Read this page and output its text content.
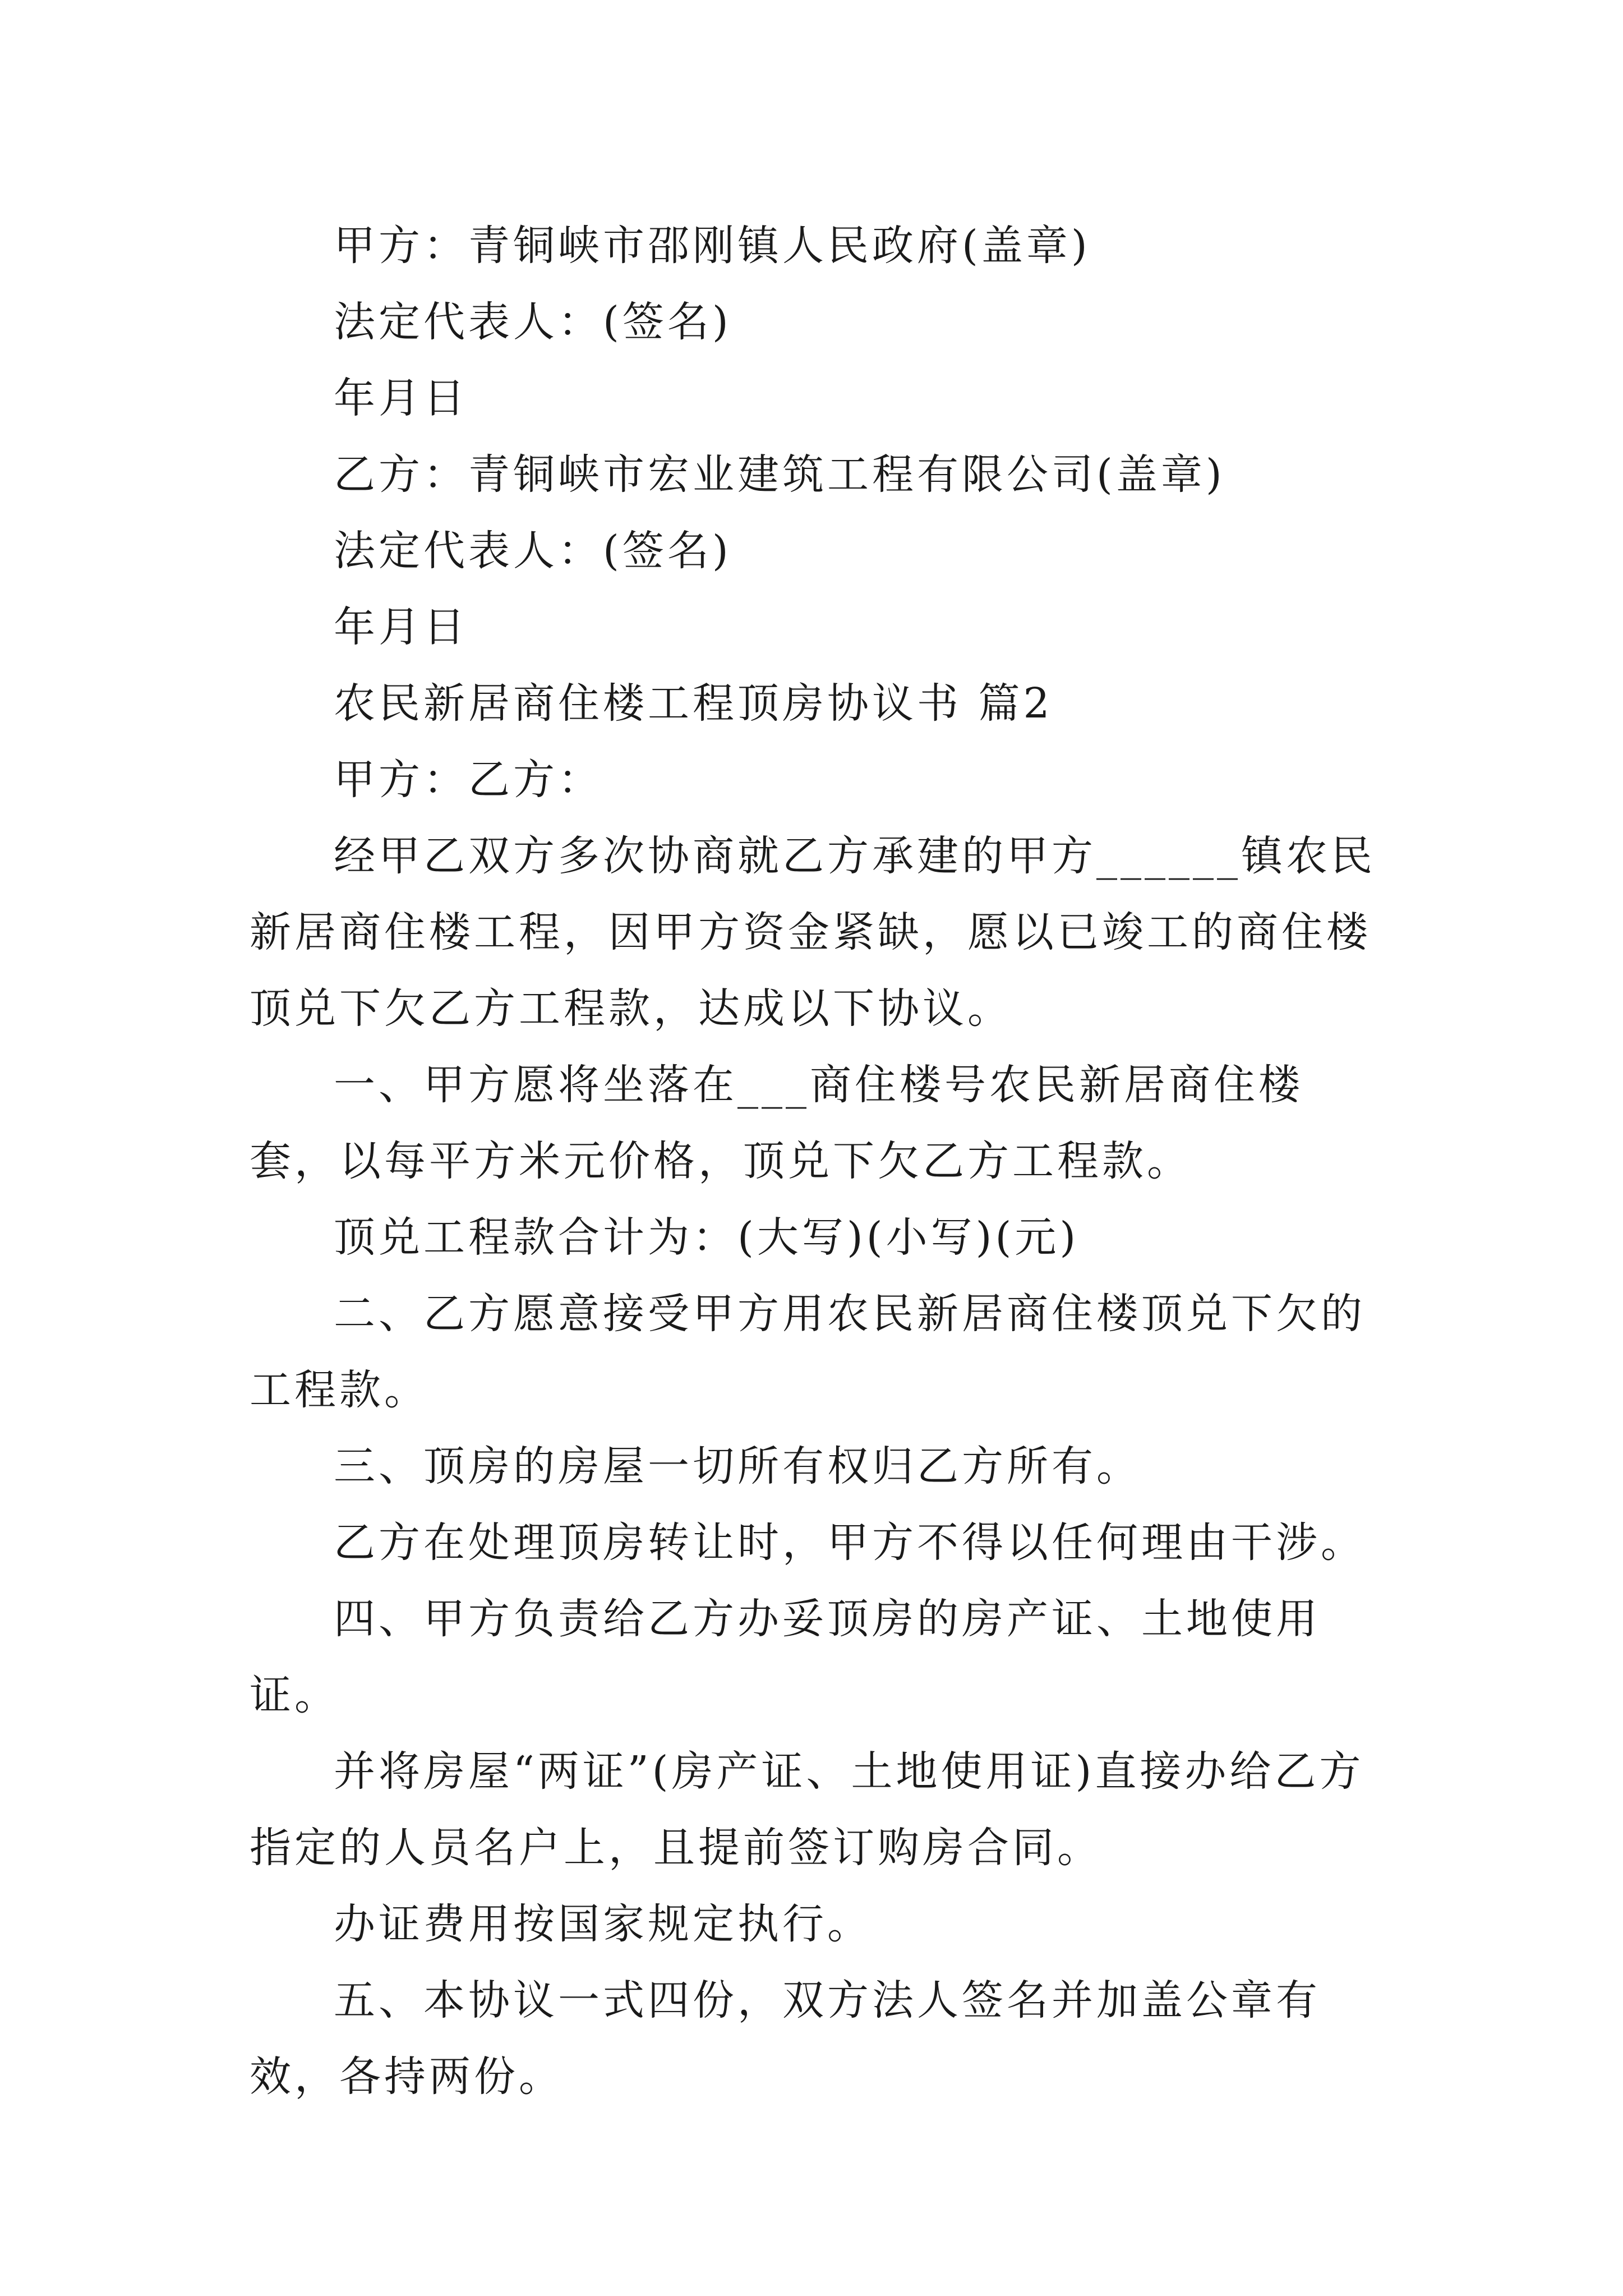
甲方：青铜峡市邵刚镇人民政府(盖章)
法定代表人：(签名)
年月日
乙方：青铜峡市宏业建筑工程有限公司(盖章)
法定代表人：(签名)
年月日
农民新居商住楼工程顶房协议书 篇2
甲方：乙方：
经甲乙双方多次协商就乙方承建的甲方______镇农民新居商住楼工程，因甲方资金紧缺，愿以已竣工的商住楼顶兑下欠乙方工程款，达成以下协议。
一、甲方愿将坐落在___商住楼号农民新居商住楼套，以每平方米元价格，顶兑下欠乙方工程款。
顶兑工程款合计为：(大写)(小写)(元)
二、乙方愿意接受甲方用农民新居商住楼顶兑下欠的工程款。
三、顶房的房屋一切所有权归乙方所有。
乙方在处理顶房转让时，甲方不得以任何理由干涉。
四、甲方负责给乙方办妥顶房的房产证、土地使用证。
并将房屋“两证”(房产证、土地使用证)直接办给乙方指定的人员名户上，且提前签订购房合同。
办证费用按国家规定执行。
五、本协议一式四份，双方法人签名并加盖公章有效，各持两份。
